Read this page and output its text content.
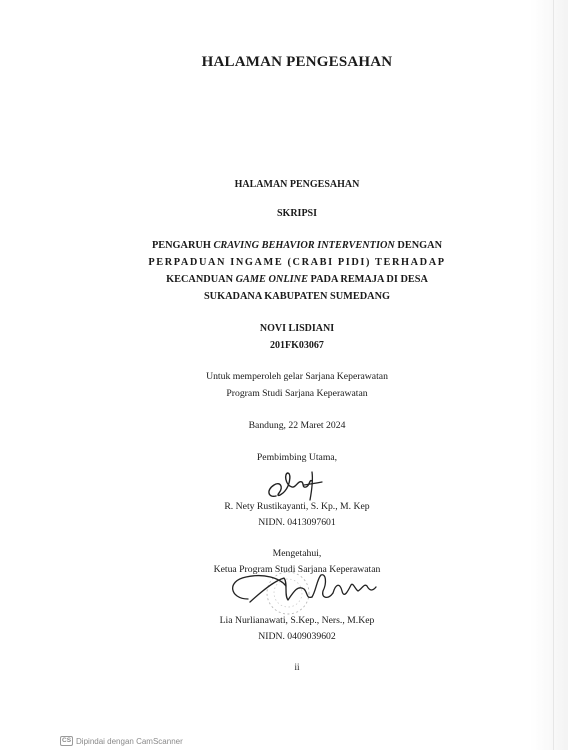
HALAMAN PENGESAHAN
HALAMAN PENGESAHAN
SKRIPSI
PENGARUH CRAVING BEHAVIOR INTERVENTION DENGAN
PERPADUAN INGAME (CRABI PIDI) TERHADAP
KECANDUAN GAME ONLINE PADA REMAJA DI DESA
SUKADANA KABUPATEN SUMEDANG
NOVI LISDIANI
201FK03067
Untuk memperoleh gelar Sarjana Keperawatan
Program Studi Sarjana Keperawatan
Bandung, 22 Maret 2024
Pembimbing Utama,
R. Nety Rustikayanti, S. Kp., M. Kep
NIDN. 0413097601
Mengetahui,
Ketua Program Studi Sarjana Keperawatan
Lia Nurlianawati, S.Kep., Ners., M.Kep
NIDN. 0409039602
ii
CS Dipindai dengan CamScanner
